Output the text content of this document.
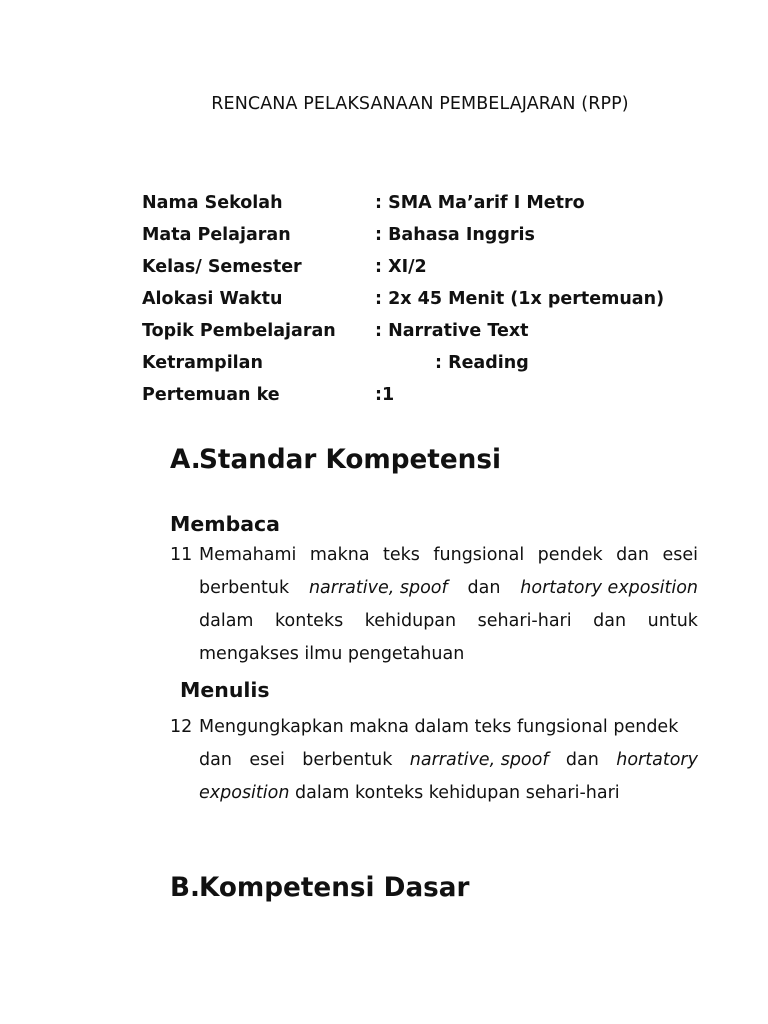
RENCANA PELAKSANAAN PEMBELAJARAN (RPP)
Nama Sekolah	: SMA Ma’arif I Metro
Mata Pelajaran	: Bahasa Inggris
Kelas/ Semester	: XI/2
Alokasi Waktu	: 2x 45 Menit (1x pertemuan)
Topik Pembelajaran : Narrative Text
Ketrampilan	: Reading
Pertemuan ke	:1
A.Standar Kompetensi
Membaca
11 Memahami makna teks fungsional pendek dan esei
berbentuk narrative, spoof dan hortatory exposition
dalam konteks kehidupan sehari-hari dan untuk
mengakses ilmu pengetahuan
Menulis
12 Mengungkapkan makna dalam teks fungsional pendek
dan esei berbentuk narrative, spoof dan hortatory
exposition dalam konteks kehidupan sehari-hari
B.Kompetensi Dasar
